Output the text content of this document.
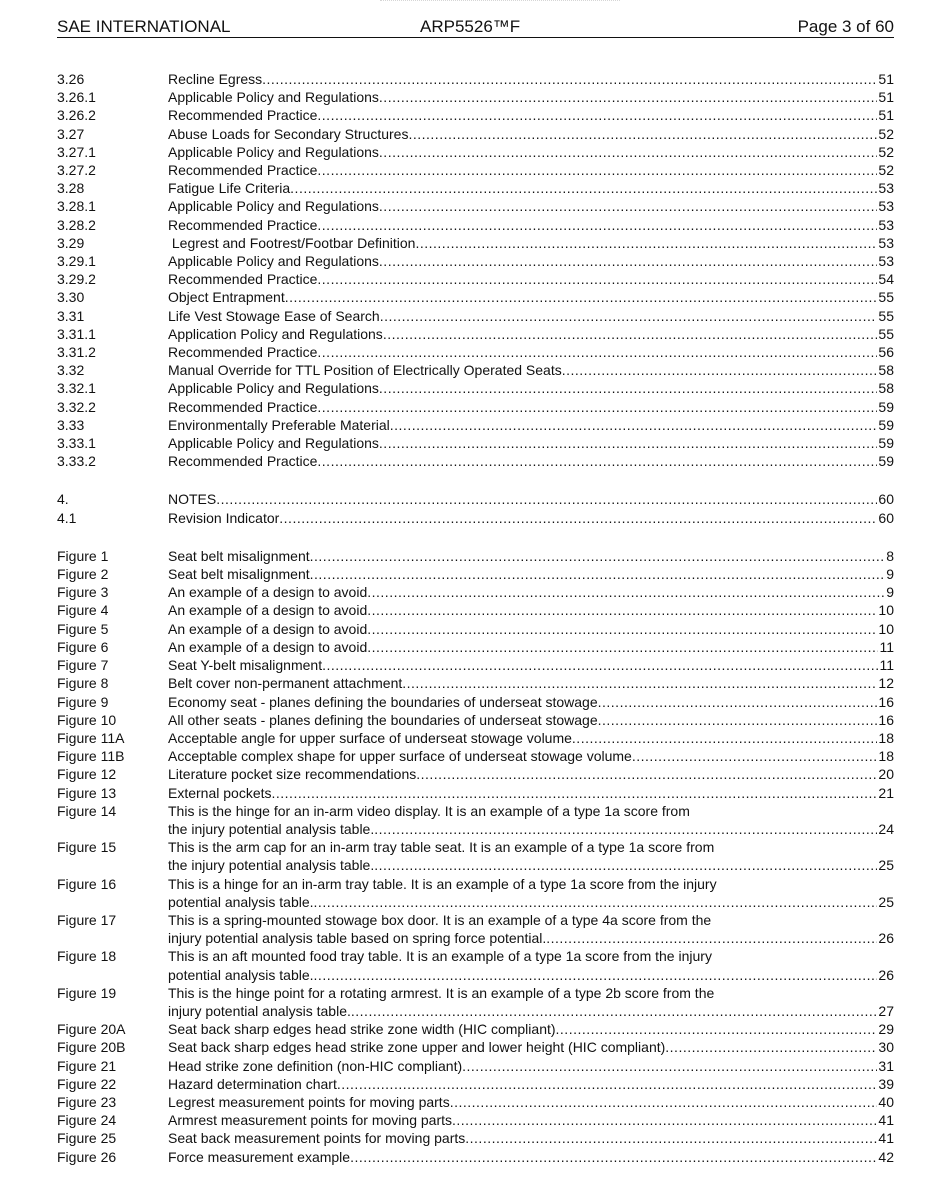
SAE INTERNATIONAL	ARP5526™F	Page 3 of 60
3.26	Recline Egress .....	51
3.26.1	Applicable Policy and Regulations .....	51
3.26.2	Recommended Practice .....	51
3.27	Abuse Loads for Secondary Structures .....	52
3.27.1	Applicable Policy and Regulations .....	52
3.27.2	Recommended Practice .....	52
3.28	Fatigue Life Criteria .....	53
3.28.1	Applicable Policy and Regulations .....	53
3.28.2	Recommended Practice .....	53
3.29	Legrest and Footrest/Footbar Definition .....	53
3.29.1	Applicable Policy and Regulations .....	53
3.29.2	Recommended Practice .....	54
3.30	Object Entrapment .....	55
3.31	Life Vest Stowage Ease of Search .....	55
3.31.1	Application Policy and Regulations .....	55
3.31.2	Recommended Practice .....	56
3.32	Manual Override for TTL Position of Electrically Operated Seats .....	58
3.32.1	Applicable Policy and Regulations .....	58
3.32.2	Recommended Practice .....	59
3.33	Environmentally Preferable Material .....	59
3.33.1	Applicable Policy and Regulations .....	59
3.33.2	Recommended Practice .....	59
4.	NOTES .....	60
4.1	Revision Indicator .....	60
Figure 1	Seat belt misalignment .....	8
Figure 2	Seat belt misalignment .....	9
Figure 3	An example of a design to avoid .....	9
Figure 4	An example of a design to avoid .....	10
Figure 5	An example of a design to avoid .....	10
Figure 6	An example of a design to avoid .....	11
Figure 7	Seat Y-belt misalignment .....	11
Figure 8	Belt cover non-permanent attachment .....	12
Figure 9	Economy seat - planes defining the boundaries of underseat stowage .....	16
Figure 10	All other seats - planes defining the boundaries of underseat stowage .....	16
Figure 11A	Acceptable angle for upper surface of underseat stowage volume .....	18
Figure 11B	Acceptable complex shape for upper surface of underseat stowage volume .....	18
Figure 12	Literature pocket size recommendations .....	20
Figure 13	External pockets .....	21
Figure 14	This is the hinge for an in-arm video display. It is an example of a type 1a score from
the injury potential analysis table. .....	24
Figure 15	This is the arm cap for an in-arm tray table seat. It is an example of a type 1a score from
the injury potential analysis table. .....	25
Figure 16	This is a hinge for an in-arm tray table. It is an example of a type 1a score from the injury
potential analysis table. .....	25
Figure 17	This is a spring-mounted stowage box door. It is an example of a type 4a score from the
injury potential analysis table based on spring force potential. .....	26
Figure 18	This is an aft mounted food tray table. It is an example of a type 1a score from the injury
potential analysis table. .....	26
Figure 19	This is the hinge point for a rotating armrest. It is an example of a type 2b score from the
injury potential analysis table. .....	27
Figure 20A	Seat back sharp edges head strike zone width (HIC compliant) .....	29
Figure 20B	Seat back sharp edges head strike zone upper and lower height (HIC compliant) .....	30
Figure 21	Head strike zone definition (non-HIC compliant) .....	31
Figure 22	Hazard determination chart .....	39
Figure 23	Legrest measurement points for moving parts .....	40
Figure 24	Armrest measurement points for moving parts .....	41
Figure 25	Seat back measurement points for moving parts .....	41
Figure 26	Force measurement example .....	42
